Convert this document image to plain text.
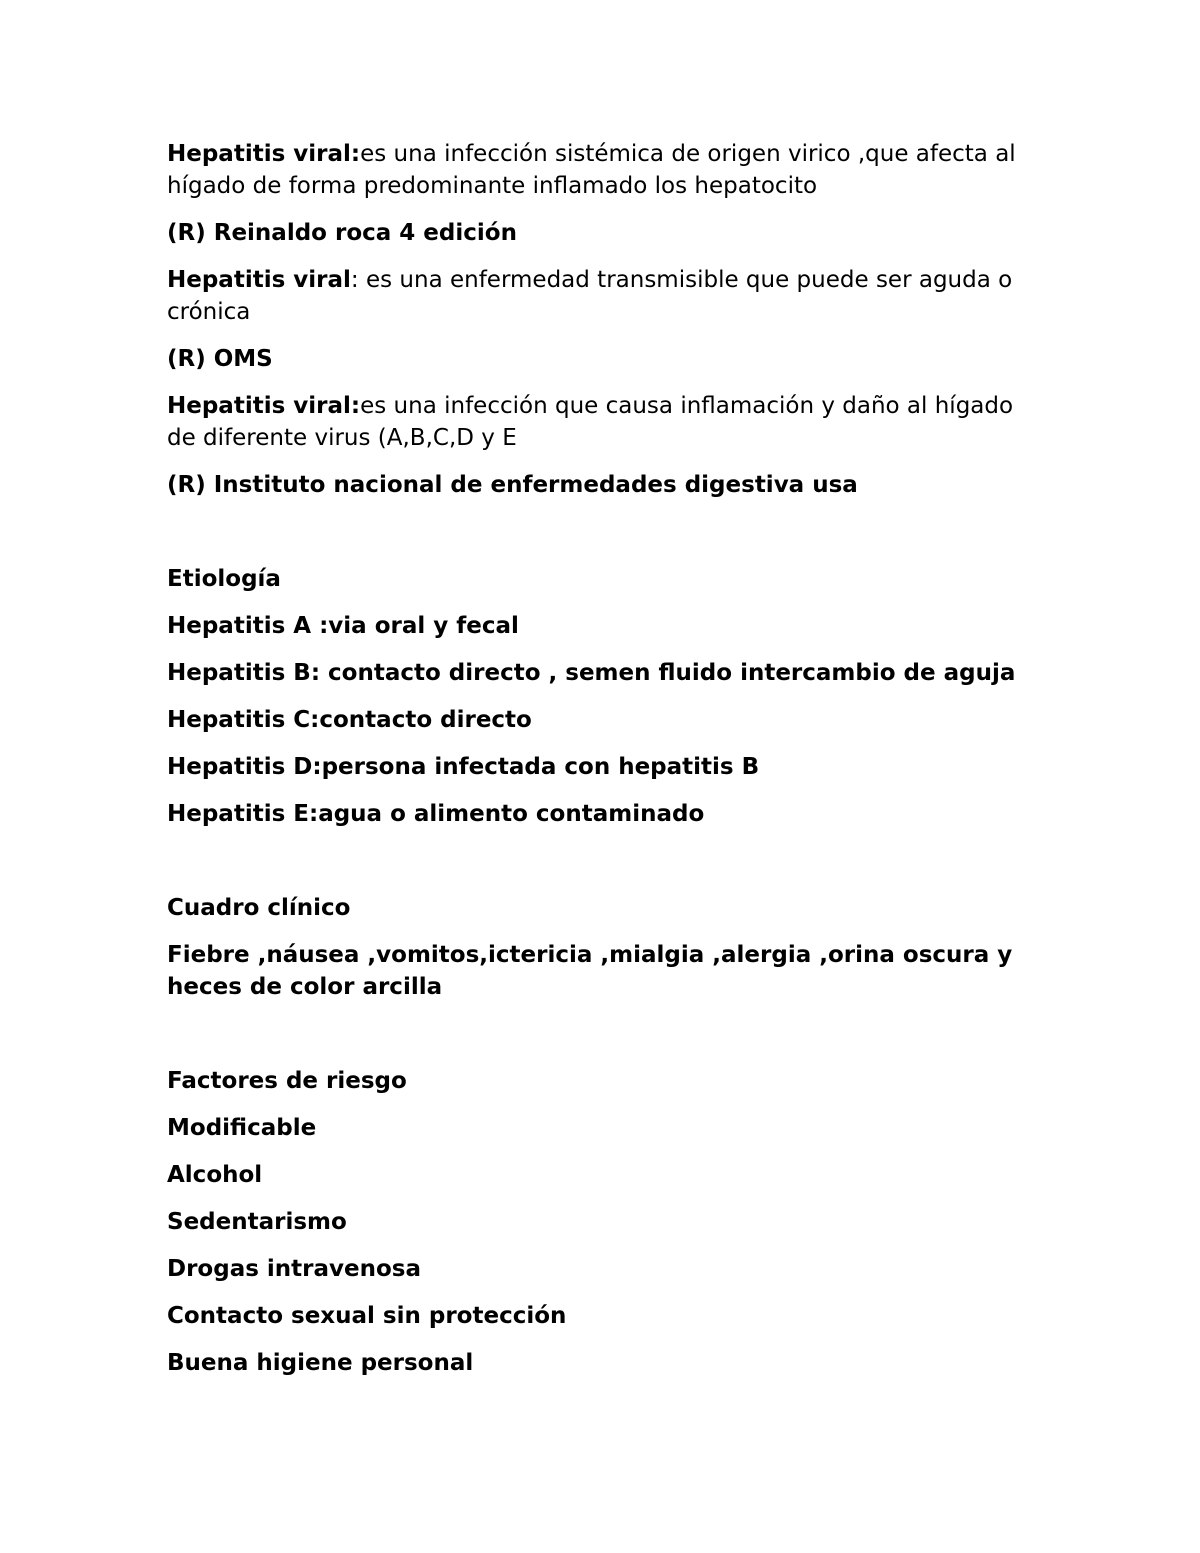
Hepatitis viral:es una infección sistémica de origen virico ,que afecta al hígado de forma predominante inflamado los hepatocito

(R) Reinaldo roca 4 edición

Hepatitis viral: es una enfermedad transmisible que puede ser aguda o crónica

(R) OMS

Hepatitis viral:es una infección que causa inflamación y daño al hígado de diferente virus (A,B,C,D y E

(R) Instituto nacional de enfermedades digestiva usa

Etiología

Hepatitis A :via oral y fecal

Hepatitis B: contacto directo , semen fluido intercambio de aguja

Hepatitis C:contacto directo

Hepatitis D:persona infectada con hepatitis B

Hepatitis E:agua o alimento contaminado

Cuadro clínico

Fiebre ,náusea ,vomitos,ictericia ,mialgia ,alergia ,orina oscura y heces de color arcilla

Factores de riesgo

Modificable

Alcohol

Sedentarismo

Drogas intravenosa

Contacto sexual sin protección

Buena higiene personal
